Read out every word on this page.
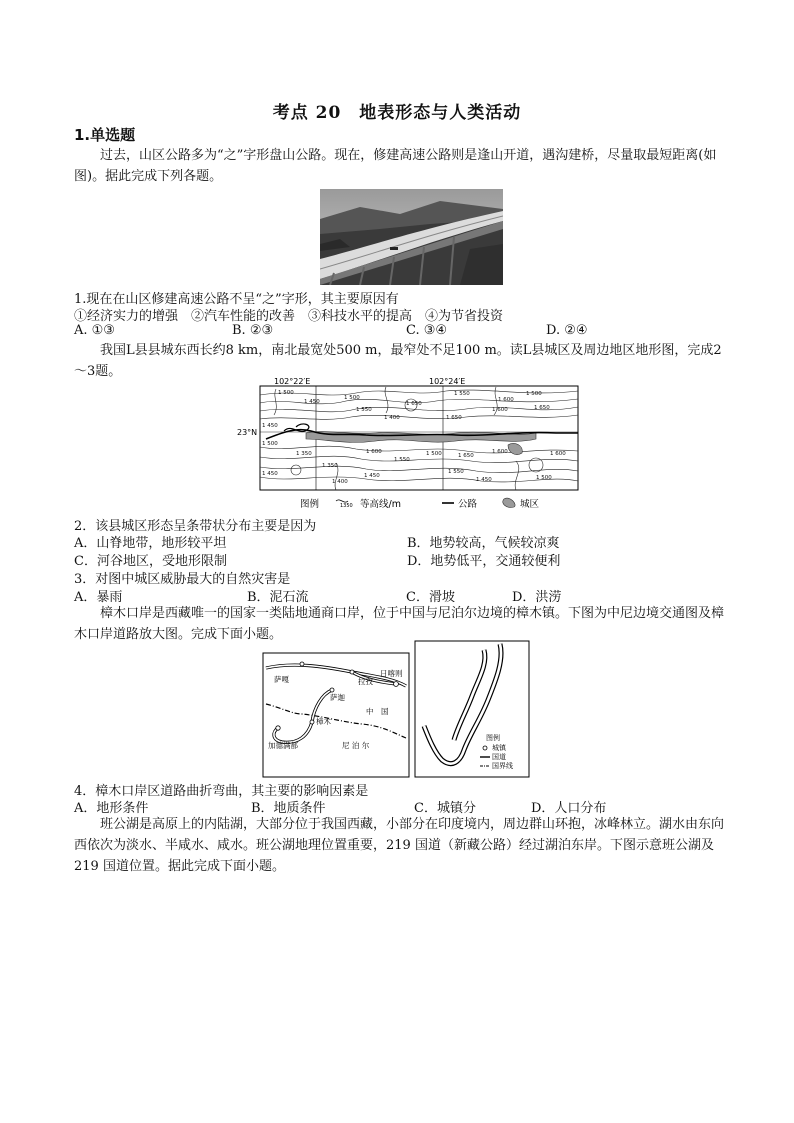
考点 20　地表形态与人类活动
1.单选题
过去，山区公路多为“之”字形盘山公路。现在，修建高速公路则是逢山开道，遇沟建桥，尽量取最短距离(如图)。据此完成下列各题。
1.现在在山区修建高速公路不呈“之”字形，其主要原因有
①经济实力的增强　②汽车性能的改善　③科技水平的提高　④为节省投资
A. ①③	B. ②③	C. ③④	D. ②④
我国L县县城东西长约8 km，南北最宽处500 m，最窄处不足100 m。读L县城区及周边地区地形图，完成2～3题。
102°22′E	102°24′E
23°N
1 500
1 450
1 500
1 550
1 400
1 550
1 600
1 500
1 650
1 600
1 650
1 650
1 450
1 350
1 500
1 450
1 600
1 550
1 500	1 650
1 600
1 450
1 400
1 350
1 550
1 450	1 500
1 600
图例	1350 等高线/m	公路	城区
2．该县城区形态呈条带状分布主要是因为
A．山脊地带，地形较平坦	B．地势较高，气候较凉爽
C．河谷地区，受地形限制	D．地势低平，交通较便利
3．对图中城区威胁最大的自然灾害是
A．暴雨	B．泥石流	C．滑坡	D．洪涝
樟木口岸是西藏唯一的国家一类陆地通商口岸，位于中国与尼泊尔边境的樟木镇。下图为中尼边境交通图及樟木口岸道路放大图。完成下面小题。
萨嘎	拉孜
日喀则
萨迦
樟木
中　国
加德满都	尼 泊 尔
图例
城镇
国道
国界线
4．樟木口岸区道路曲折弯曲，其主要的影响因素是
A．地形条件	B．地质条件	C．城镇分	D．人口分布
班公湖是高原上的内陆湖，大部分位于我国西藏，小部分在印度境内，周边群山环抱，冰峰林立。湖水由东向西依次为淡水、半咸水、咸水。班公湖地理位置重要，219 国道（新藏公路）经过湖泊东岸。下图示意班公湖及 219 国道位置。据此完成下面小题。
